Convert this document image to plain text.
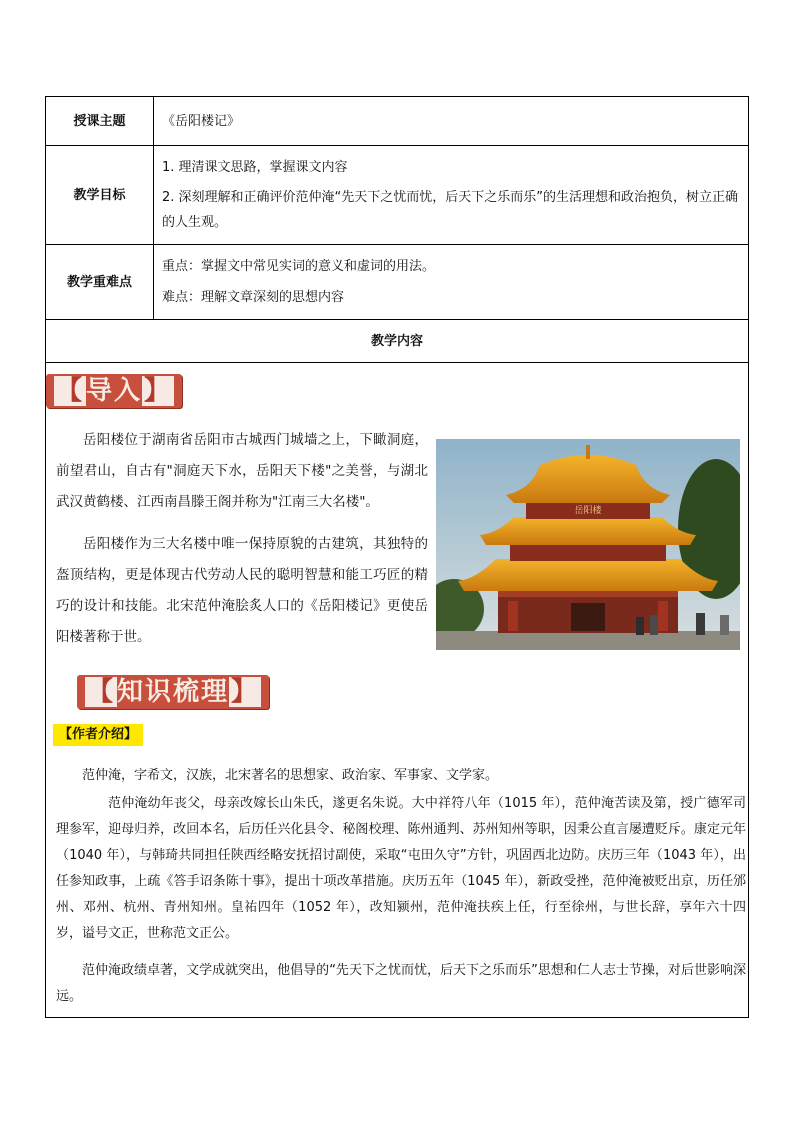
授课主题	《岳阳楼记》
教学目标	1. 理清课文思路，掌握课文内容
2. 深刻理解和正确评价范仲淹“先天下之忧而忧，后天下之乐而乐”的生活理想和政治抱负，树立正确的人生观。

教学重难点	重点：掌握文中常见实词的意义和虚词的用法。
难点：理解文章深刻的思想内容

教学内容	
【导入】

岳阳楼位于湖南省岳阳市古城西门城墙之上，下瞰洞庭，前望君山，自古有"洞庭天下水，岳阳天下楼"之美誉，与湖北武汉黄鹤楼、江西南昌滕王阁并称为"江南三大名楼"。

岳阳楼作为三大名楼中唯一保持原貌的古建筑，其独特的盔顶结构，更是体现古代劳动人民的聪明智慧和能工巧匠的精巧的设计和技能。北宋范仲淹脍炙人口的《岳阳楼记》更使岳阳楼著称于世。

岳阳楼
【知识梳理】
【作者介绍】

范仲淹，字希文，汉族，北宋著名的思想家、政治家、军事家、文学家。

范仲淹幼年丧父，母亲改嫁长山朱氏，遂更名朱说。大中祥符八年（1015 年），范仲淹苦读及第，授广德军司理参军，迎母归养，改回本名，后历任兴化县令、秘阁校理、陈州通判、苏州知州等职，因秉公直言屡遭贬斥。康定元年（1040 年），与韩琦共同担任陕西经略安抚招讨副使，采取“屯田久守”方针，巩固西北边防。庆历三年（1043 年），出任参知政事，上疏《答手诏条陈十事》，提出十项改革措施。庆历五年（1045 年），新政受挫，范仲淹被贬出京，历任邠州、邓州、杭州、青州知州。皇祐四年（1052 年），改知颍州，范仲淹扶疾上任，行至徐州，与世长辞，享年六十四岁，谥号文正，世称范文正公。

范仲淹政绩卓著，文学成就突出，他倡导的“先天下之忧而忧，后天下之乐而乐”思想和仁人志士节操，对后世影响深远。
